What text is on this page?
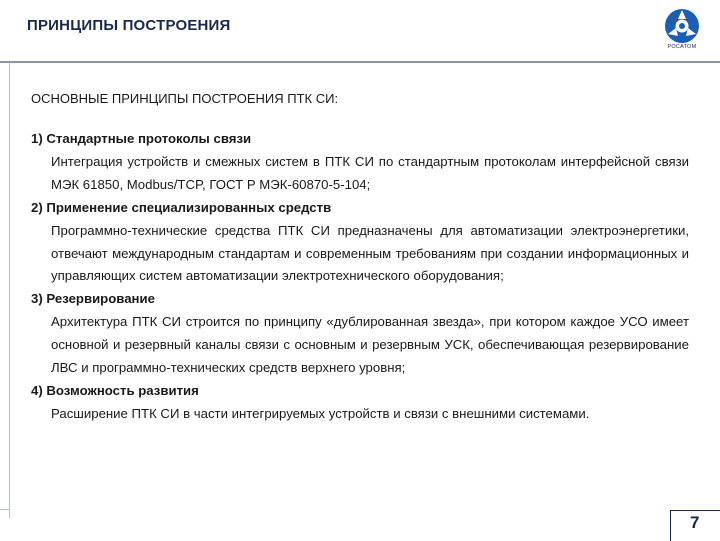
ПРИНЦИПЫ ПОСТРОЕНИЯ
РОСАТОМ
ОСНОВНЫЕ ПРИНЦИПЫ ПОСТРОЕНИЯ ПТК СИ:
1) Стандартные протоколы связи
Интеграция устройств и смежных систем в ПТК СИ по стандартным протоколам интерфейсной связи МЭК 61850, Modbus/TCP, ГОСТ Р МЭК-60870-5-104;
2) Применение специализированных средств
Программно-технические средства ПТК СИ предназначены для автоматизации электроэнергетики, отвечают международным стандартам и современным требованиям при создании информационных и управляющих систем автоматизации электротехнического оборудования;
3) Резервирование
Архитектура ПТК СИ строится по принципу «дублированная звезда», при котором каждое УСО имеет основной и резервный каналы связи с основным и резервным УСК, обеспечивающая резервирование ЛВС и программно-технических средств верхнего уровня;
4) Возможность развития
Расширение ПТК СИ в части интегрируемых устройств и связи с внешними системами.
7
